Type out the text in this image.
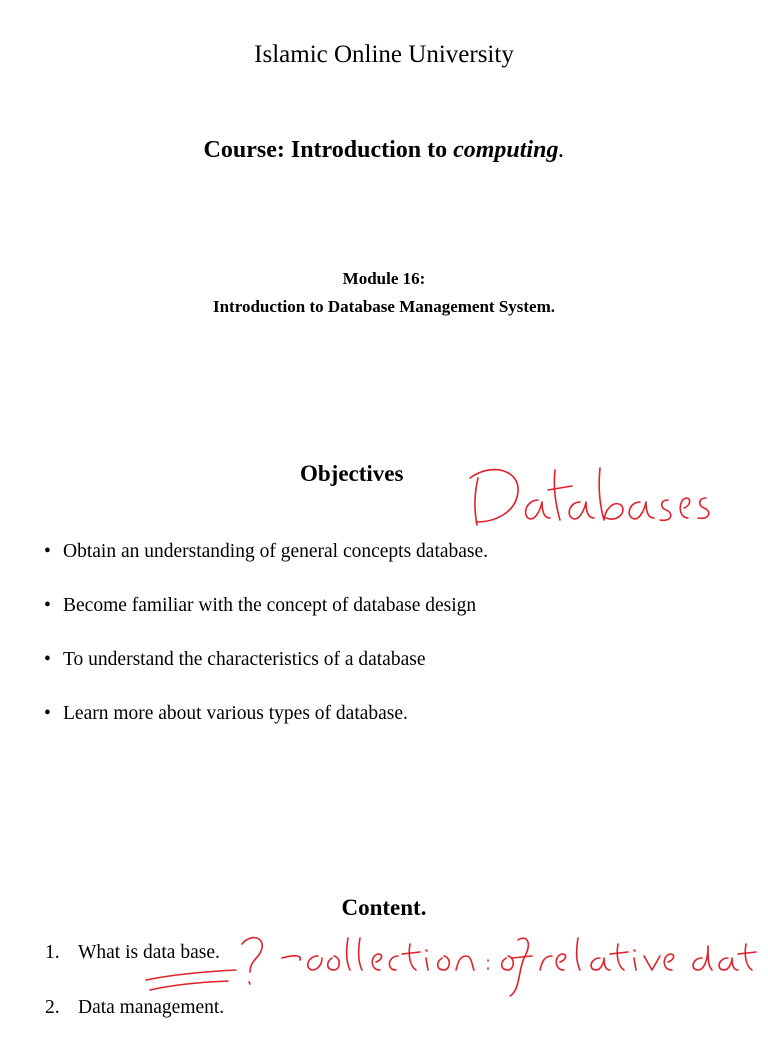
Islamic Online University
Course: Introduction to computing.
Module 16:
Introduction to Database Management System.
Objectives
• Obtain an understanding of general concepts database.
• Become familiar with the concept of database design
• To understand the characteristics of a database
• Learn more about various types of database.
Content.
1. What is data base.
2. Data management.
